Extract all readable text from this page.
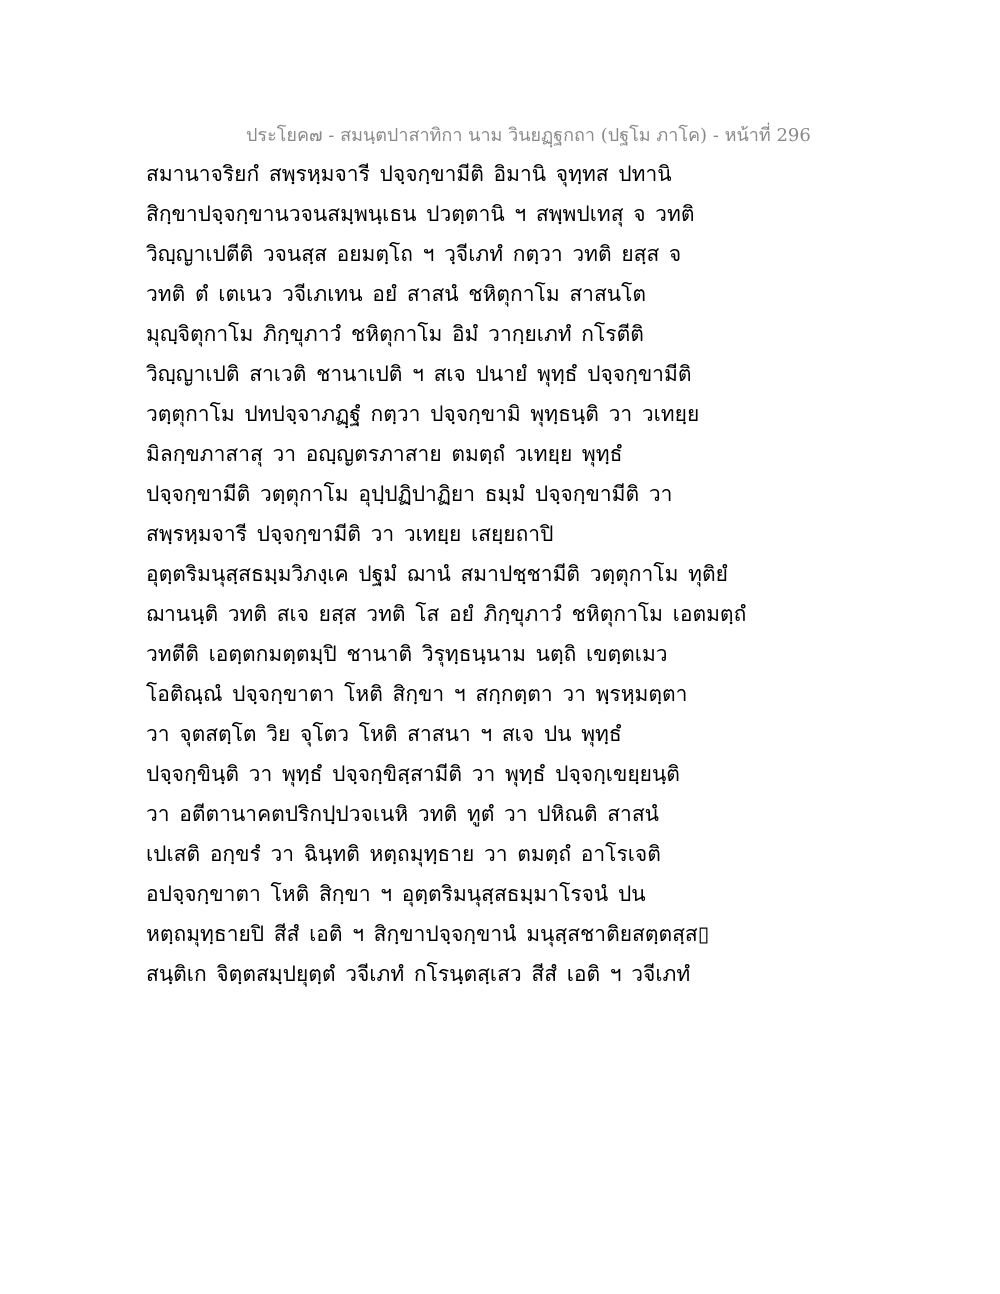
ประโยค๗ - สมนฺตปาสาทิกา นาม วินยฏฺฐกถา (ปฐโม ภาโค) - หน้าที่ 296
สมานาจริยกํ สพฺรหฺมจารี ปจฺจกฺขามีติ อิมานิ จุทฺทส ปทานิ
สิกฺขาปจฺจกฺขานวจนสมฺพนฺเธน ปวตฺตานิ ฯ สพฺพปเทสุ จ วทติ
วิญฺญาเปตีติ วจนสฺส อยมตฺโถ ฯ วฺจีเภทํ กตฺวา วทติ ยสฺส จ
วทติ ตํ เตเนว วจีเภเทน อยํ สาสนํ ชหิตุกาโม สาสนโต
มุญฺจิตุกาโม ภิกฺขุภาวํ ชหิตุกาโม อิมํ วากฺยเภทํ กโรตีติ
วิญฺญาเปติ สาเวติ ชานาเปติ ฯ สเจ ปนายํ พุทฺธํ ปจฺจกฺขามีติ
วตฺตุกาโม ปทปจฺจาภฏฺฐํ กตฺวา ปจฺจกฺขามิ พุทฺธนฺติ วา วเทยฺย
มิลกฺขภาสาสุ วา อญฺญตรภาสาย ตมตฺถํ วเทยฺย พุทฺธํ
ปจฺจกฺขามีติ วตฺตุกาโม อุปฺปฏิปาฏิยา ธมฺมํ ปจฺจกฺขามีติ วา
สพฺรหฺมจารี ปจฺจกฺขามีติ วา วเทยฺย เสยฺยถาปิ
อุตฺตริมนุสฺสธมฺมวิภงฺเค ปฐมํ ฌานํ สมาปชฺชามีติ วตฺตุกาโม ทุติยํ
ฌานนฺติ วทติ สเจ ยสฺส วทติ โส อยํ ภิกฺขุภาวํ ชหิตุกาโม เอตมตฺถํ
วทตีติ เอตฺตกมตฺตมฺปิ ชานาติ วิรุทฺธนฺนาม นตฺถิ เขตฺตเมว
โอติณฺณํ ปจฺจกฺขาตา โหติ สิกฺขา ฯ สกฺกตฺตา วา พฺรหฺมตฺตา
วา จุตสตฺโต วิย จุโตว โหติ สาสนา ฯ สเจ ปน พุทฺธํ
ปจฺจกฺขินฺติ วา พุทฺธํ ปจฺจกฺขิสฺสามีติ วา พุทฺธํ ปจฺจกฺเขยฺยนฺติ
วา อตีตานาคตปริกปฺปวจเนหิ วทติ ทูตํ วา ปหิณติ สาสนํ
เปเสติ อกฺขรํ วา ฉินฺทติ หตฺถมุทฺธาย วา ตมตฺถํ อาโรเจติ
อปจฺจกฺขาตา โหติ สิกฺขา ฯ อุตฺตริมนุสฺสธมฺมาโรจนํ ปน
หตฺถมุทฺธายปิ สีสํ เอติ ฯ สิกฺขาปจฺจกฺขานํ มนุสฺสชาติยสตฺตสฺส▯
สนฺติเก จิตฺตสมฺปยุตฺตํ วจีเภทํ กโรนฺตสฺเสว สีสํ เอติ ฯ วจีเภทํ
